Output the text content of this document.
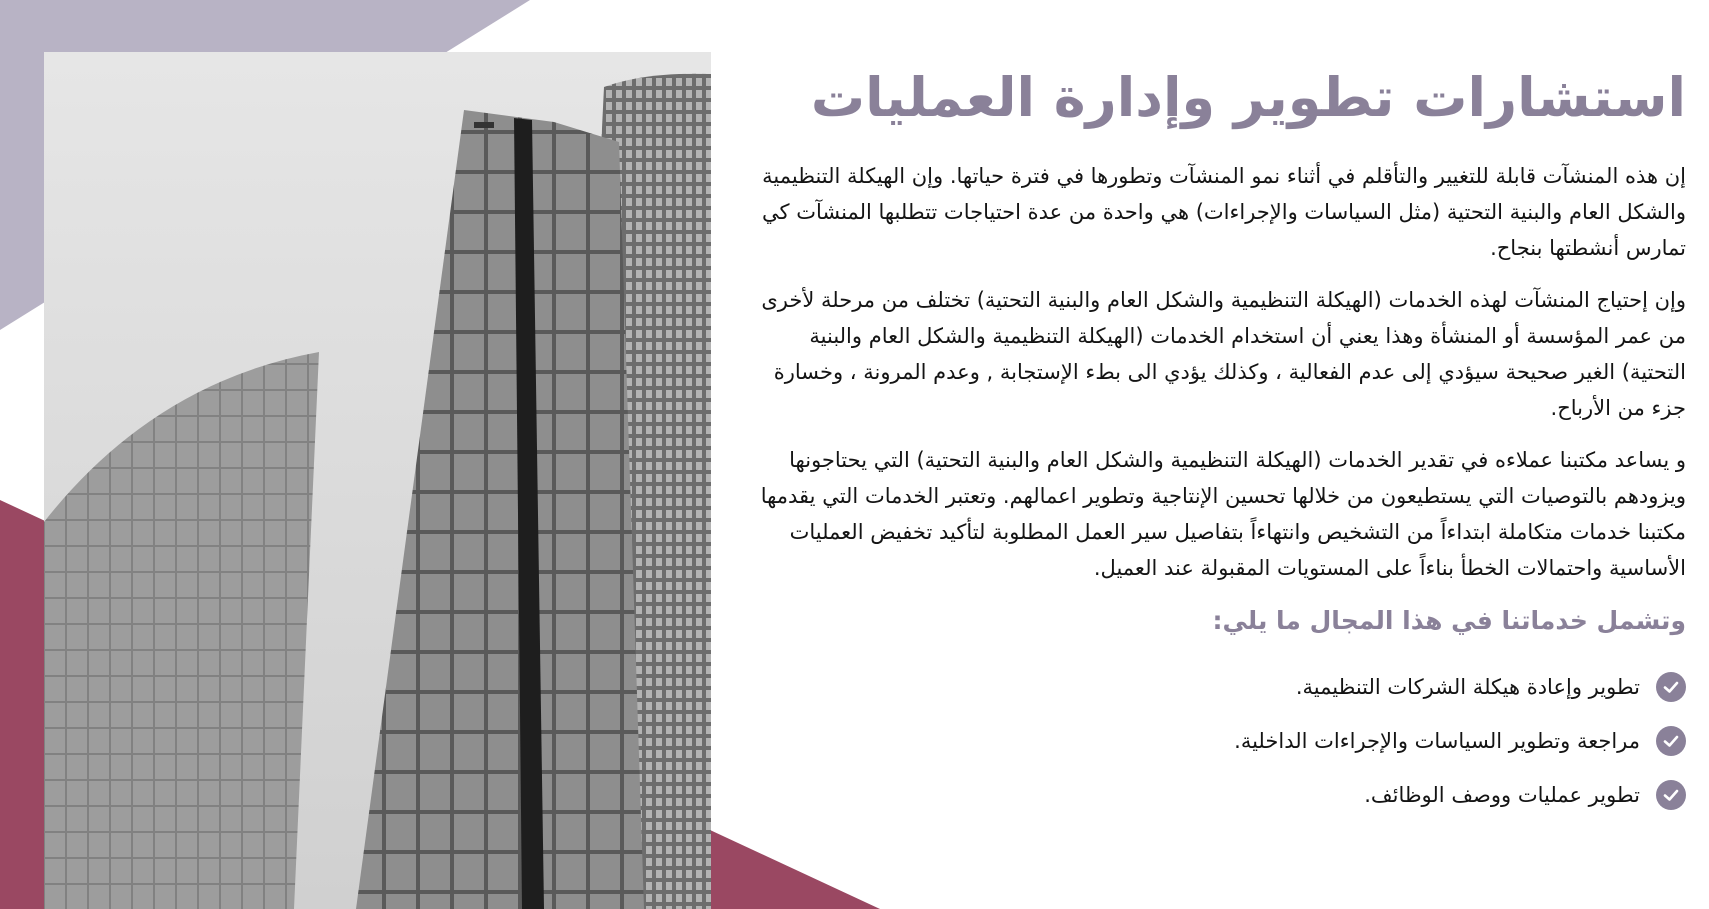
استشارات تطوير وإدارة العمليات

إن هذه المنشآت قابلة للتغيير والتأقلم في أثناء نمو المنشآت وتطورها في فترة حياتها. وإن الهيكلة التنظيمية والشكل العام والبنية التحتية (مثل السياسات والإجراءات) هي واحدة من عدة احتياجات تتطلبها المنشآت كي تمارس أنشطتها بنجاح.

وإن إحتياج المنشآت لهذه الخدمات (الهيكلة التنظيمية والشكل العام والبنية التحتية) تختلف من مرحلة لأخرى من عمر المؤسسة أو المنشأة وهذا يعني أن استخدام الخدمات (الهيكلة التنظيمية والشكل العام والبنية التحتية) الغير صحيحة سيؤدي إلى عدم الفعالية ، وكذلك يؤدي الى بطء الإستجابة , وعدم المرونة ، وخسارة جزء من الأرباح.

و يساعد مكتبنا عملاءه في تقدير الخدمات (الهيكلة التنظيمية والشكل العام والبنية التحتية) التي يحتاجونها ويزودهم بالتوصيات التي يستطيعون من خلالها تحسين الإنتاجية وتطوير اعمالهم. وتعتبر الخدمات التي يقدمها مكتبنا خدمات متكاملة ابتداءاً من التشخيص وانتهاءاً بتفاصيل سير العمل المطلوبة لتأكيد تخفيض العمليات الأساسية واحتمالات الخطأ بناءاً على المستويات المقبولة عند العميل.

وتشمل خدماتنا في هذا المجال ما يلي:
تطوير وإعادة هيكلة الشركات التنظيمية.
مراجعة وتطوير السياسات والإجراءات الداخلية.
تطوير عمليات ووصف الوظائف.
